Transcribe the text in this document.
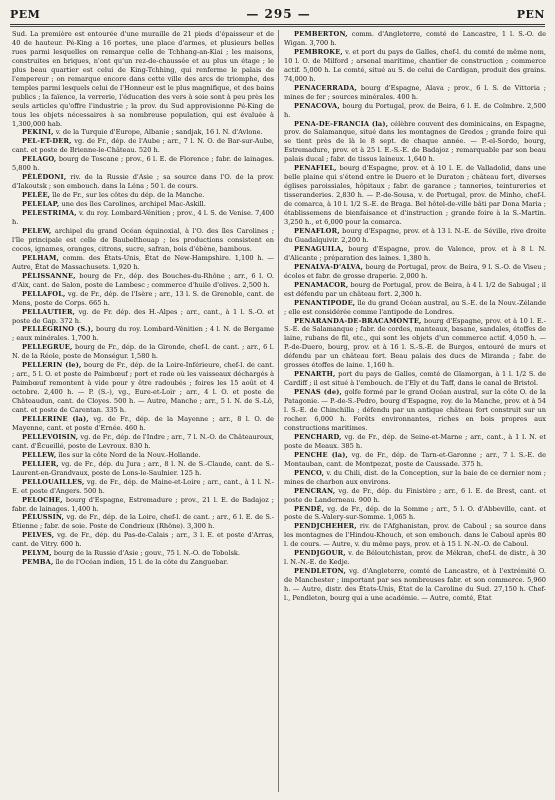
PEM	— 295 —	PEN

Sud. La première est entourée d'une muraille de 21 pieds d'épaisseur et de 40 de hauteur. Pé-King a 16 portes, une place d'armes, et plusieurs belles rues parmi lesquelles on remarque celle de Tchhang-an-Kiai ; les maisons, construites en briques, n'ont qu'un rez-de-chaussée et au plus un étage ; le plus beau quartier est celui de King-Tchhing, qui renferme le palais de l'empereur ; on remarque encore dans cette ville des arcs de triomphe, des temples parmi lesquels celui de l'Honneur est le plus magnifique, et des bains publics ; la faïence, la verrerie, l'éducation des vers à soie sont à peu près les seuls articles qu'offre l'industrie ; la prov. du Sud approvisionne Pé-King de tous les objets nécessaires à sa nombreuse population, qui est évaluée à 1,300,000 hab.

PEKINI, v. de la Turquie d'Europe, Albanie ; sandjak, 16 l. N. d'Avlone.

PEL-ET-DER, vg. de Fr., dép. de l'Aube ; arr., 7 l. N. O. de Bar-sur-Aube, cant. et poste de Brienne-le-Château. 520 h.

PELAGO, bourg de Toscane ; prov., 6 l. E. de Florence ; fabr. de lainages. 5,800 h.

PÉLÉDONI, riv. de la Russie d'Asie ; sa source dans l'O. de la prov. d'Iakoutsk ; son embouch. dans la Léna ; 50 l. de cours.

PELÉE, île de Fr., sur les côtes du dép. de la Manche.

PELELAP, une des îles Carolines, archipel Mac-Askill.

PELESTRIMA, v. du roy. Lombard-Vénitien ; prov., 4 l. S. de Venise. 7,400 h.

PELEW, archipel du grand Océan équinoxial, à l'O. des îles Carolines ; l'île principale est celle de Baubelthouap ; les productions consistent en cocos, ignames, oranges, citrons, sucre, safran, bois d'ébène, bambous.

PELHAM, comm. des États-Unis, État de New-Hampshire. 1,100 h. — Autre, État de Massachusets. 1,920 h.

PÉLISSANNE, bourg de Fr., dép. des Bouches-du-Rhône ; arr., 6 l. O. d'Aix, cant. de Salon, poste de Lambesc ; commerce d'huile d'olives. 2,500 h.

PELLAFOL, vg. de Fr., dép. de l'Isère ; arr., 13 l. S. de Grenoble, cant. de Mens, poste de Corps. 665 h.

PELLAUTIER, vg. de Fr. dép. des H.-Alpes ; arr., cant., à 1 l. S.-O. et poste de Gap. 372 h.

PELLÉGRINO (S.), bourg du roy. Lombard-Vénitien ; 4 l. N. de Bergame ; eaux minérales. 1,700 h.

PELLEGRUE, bourg de Fr., dép. de la Gironde, chef-l. de cant. ; arr., 6 l. N. de la Réole, poste de Monségur. 1,580 h.

PELLERIN (le), bourg de Fr., dép. de la Loire-Inférieure, chef-l. de cant. ; arr., 5 l. O. et poste de Paimbœuf ; port et rade où les vaisseaux déchargés à Paimbœuf remontent à vide pour y être radoubés ; foires les 15 août et 4 octobre. 2,400 h. — P. (S.-), vg., Eure-et-Loir ; arr., 4 l. O. et poste de Châteaudun, cant. de Cloyes. 500 h. — Autre, Manche ; arr., 5 l. N. de S.-Lô, cant. et poste de Carentan. 335 h.

PELLERINE (la), vg. de Fr., dép. de la Mayenne ; arr., 8 l. O. de Mayenne, cant. et poste d'Ernée. 460 h.

PELLEVOISIN, vg. de Fr., dép. de l'Indre ; arr., 7 l. N.-O. de Châteauroux, cant. d'Écueillé, poste de Levroux. 830 h.

PELLEW, îles sur la côte Nord de la Nouv.-Hollande.

PELLIER, vg. de Fr., dép. du Jura ; arr., 8 l. N. de S.-Claude, cant. de S.-Laurent-en-Grandvaux, poste de Lons-le-Saulnier. 125 h.

PELLOUAILLES, vg. de Fr., dép. de Maine-et-Loire ; arr., cant., à 1 l. N.-E. et poste d'Angers. 500 h.

PELOCHE, bourg d'Espagne, Estremadure ; prov., 21 l. E. de Badajoz ; fabr. de lainages. 1,400 h.

PÉLUSSIN, vg. de Fr., dép. de la Loire, chef-l. de cant. ; arr., 6 l. E. de S.-Étienne ; fabr. de soie. Poste de Condrieux (Rhône). 3,300 h.

PELVES, vg. de Fr., dép. du Pas-de-Calais ; arr., 3 l. E. et poste d'Arras, cant. de Vitry. 600 h.

PELYM, bourg de la Russie d'Asie ; gouv., 75 l. N.-O. de Tobolsk.

PEMBA, île de l'Océan indien, 15 l. de la côte du Zanguebar.

PEMBERTON, comm. d'Angleterre, comté de Lancastre, 1 l. S.-O. de Wigan. 3,700 h.

PEMBROKE, v. et port du pays de Galles, chef-l. du comté de même nom, 10 l. O. de Milford ; arsenal maritime, chantier de construction ; commerce actif. 5,000 h. Le comté, situé au S. de celui de Cardigan, produit des grains. 74,000 h.

PENACERRADA, bourg d'Espagne, Alava ; prov., 6 l. S. de Vittoria ; mines de fer ; sources minérales. 400 h.

PENACOVA, bourg du Portugal, prov. de Beira, 6 l. E. de Coïmbre. 2,500 h.

PENA-DE-FRANCIA (la), célèbre couvent des dominicains, en Espagne, prov. de Salamanque, situé dans les montagnes de Gredos ; grande foire qui se tient près de là le 8 sept. de chaque année. — P.-el-Sordo, bourg, Estremadure, prov. et à 25 l. E.-S.-E. de Badajoz ; remarquable par son beau palais ducal ; fabr. de tissus laineux. 1,640 h.

PENAFIEL, bourg d'Espagne, prov. et à 10 l. E. de Valladolid, dans une belle plaine qui s'étend entre le Duero et le Duraton ; château fort, diverses églises paroissiales, hôpitaux ; fabr. de garance ; tanneries, teintureries et tisseranderies. 2,830 h. — P.-de-Sousa, v. de Portugal, prov. de Minho, chef-l. de comarca, à 10 l. 1/2 S.-E. de Braga. Bel hôtel-de-ville bâti par Dona Maria ; établissemens de bienfaisance et d'instruction ; grande foire à la S.-Martin. 3,250 h., et 6,000 pour la comarca.

PENAFLOR, bourg d'Espagne, prov. et à 13 l. N.-E. de Séville, rive droite du Guadalquivir. 2,200 h.

PENAGUILA, bourg d'Espagne, prov. de Valence, prov. et à 8 l. N. d'Alicante ; préparation des laines. 1,380 h.

PENALVA-D'ALVA, bourg de Portugal, prov. de Beira, 9 l. S.-O. de Viseu ; écoles et fabr. de grosse draperie. 2,000 h.

PENAMACOR, bourg de Portugal, prov. de Beira, à 4 l. 1/2 de Sabugal ; il est défendu par un château fort. 2,300 h.

PENANTIPODE, île du grand Océan austral, au S.-E. de la Nouv.-Zélande ; elle est considérée comme l'antipode de Londres.

PENARANDA-DE-BRACAMONTE, bourg d'Espagne, prov. et à 10 l. E.-S.-E. de Salamanque ; fabr. de cordes, manteaux, basane, sandales, étoffes de laine, rubans de fil, etc., qui sont les objets d'un commerce actif. 4,050 h. — P.-de-Duero, bourg, prov. et à 16 l. S.-S.-E. de Burgos, entouré de murs et défendu par un château fort. Beau palais des ducs de Miranda ; fabr. de grosses étoffes de laine. 1,160 h.

PENARTH, port du pays de Galles, comté de Glamorgan, à 1 l. 1/2 S. de Cardiff ; il est situé à l'embouch. de l'Ely et du Taff, dans le canal de Bristol.

PENAS (de), golfe formé par le grand Océan austral, sur la côte O. de la Patagonie. — P.-de-S.-Pedro, bourg d'Espagne, roy. de la Manche, prov. et à 54 l. S.-E. de Chinchilla ; défendu par un antique château fort construit sur un rocher. 6,000 h. Forêts environnantes, riches en bois propres aux constructions maritimes.

PENCHARD, vg. de Fr., dép. de Seine-et-Marne ; arr., cant., à 1 l. N. et poste de Meaux. 385 h.

PENCHE (la), vg. de Fr., dép. de Tarn-et-Garonne ; arr., 7 l. S.-E. de Montauban, cant. de Montpezat, poste de Caussade. 375 h.

PENCO, v. du Chili, dist. de la Conception, sur la baie de ce dernier nom ; mines de charbon aux environs.

PENCRAN, vg. de Fr., dép. du Finistère ; arr., 6 l. E. de Brest, cant. et poste de Landerneau. 900 h.

PENDÉ, vg. de Fr., dép. de la Somme ; arr., 5 l. O. d'Abbeville, cant. et poste de S.-Valery-sur-Somme. 1,065 h.

PENDJCHEHER, riv. de l'Afghanistan, prov. de Caboul ; sa source dans les montagnes de l'Hindou-Khouch, et son embouch. dans le Caboul après 80 l. de cours. — Autre, v. du même pays, prov. et à 15 l. N.-N.-O. de Caboul.

PENDJGOUR, v. de Béloutchistan, prov. de Mékran, chef-l. de distr., à 30 l. N.-N.-E. de Kedje.

PENDLETON, vg. d'Angleterre, comté de Lancastre, et à l'extrémité O. de Manchester ; important par ses nombreuses fabr. et son commerce. 5,960 h. — Autre, distr. des États-Unis, État de la Caroline du Sud. 27,150 h. Chef-l., Pendleton, bourg qui a une académie. — Autre, comté, État
